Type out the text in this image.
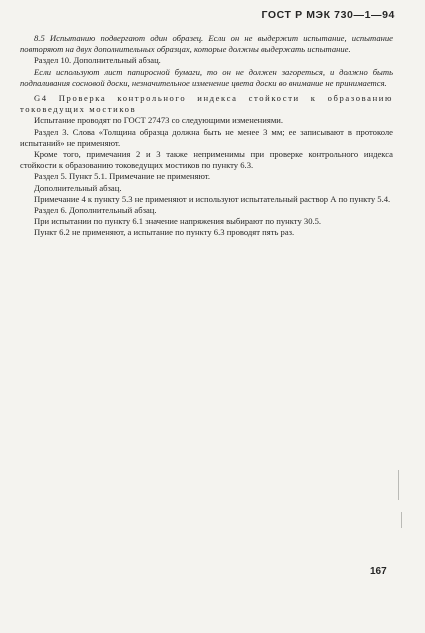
ГОСТ Р МЭК 730—1—94

8.5 Испытанию подвергают один образец. Если он не выдержит испытание, испытание повторяют на двух дополнительных образцах, которые должны выдержать испытание.

Раздел 10. Дополнительный абзац.

Если используют лист папиросной бумаги, то он не должен загореться, и должно быть подпаливания сосновой доски, незначительное изменение цвета доски во внимание не принимается.

G4 Проверка контрольного индекса стойкости к образованию токоведущих мостиков

Испытание проводят по ГОСТ 27473 со следующими изменениями.

Раздел 3. Слова «Толщина образца должна быть не менее 3 мм; ее записывают в протоколе испытаний» не применяют.

Кроме того, примечания 2 и 3 также неприменимы при проверке контрольного индекса стойкости к образованию токоведущих мостиков по пункту 6.3.

Раздел 5. Пункт 5.1. Примечание не применяют.

Дополнительный абзац.

Примечание 4 к пункту 5.3 не применяют и используют испытательный раствор А по пункту 5.4.

Раздел 6. Дополнительный абзац.

При испытании по пункту 6.1 значение напряжения выбирают по пункту 30.5.

Пункт 6.2 не применяют, а испытание по пункту 6.3 проводят пять раз.

167
